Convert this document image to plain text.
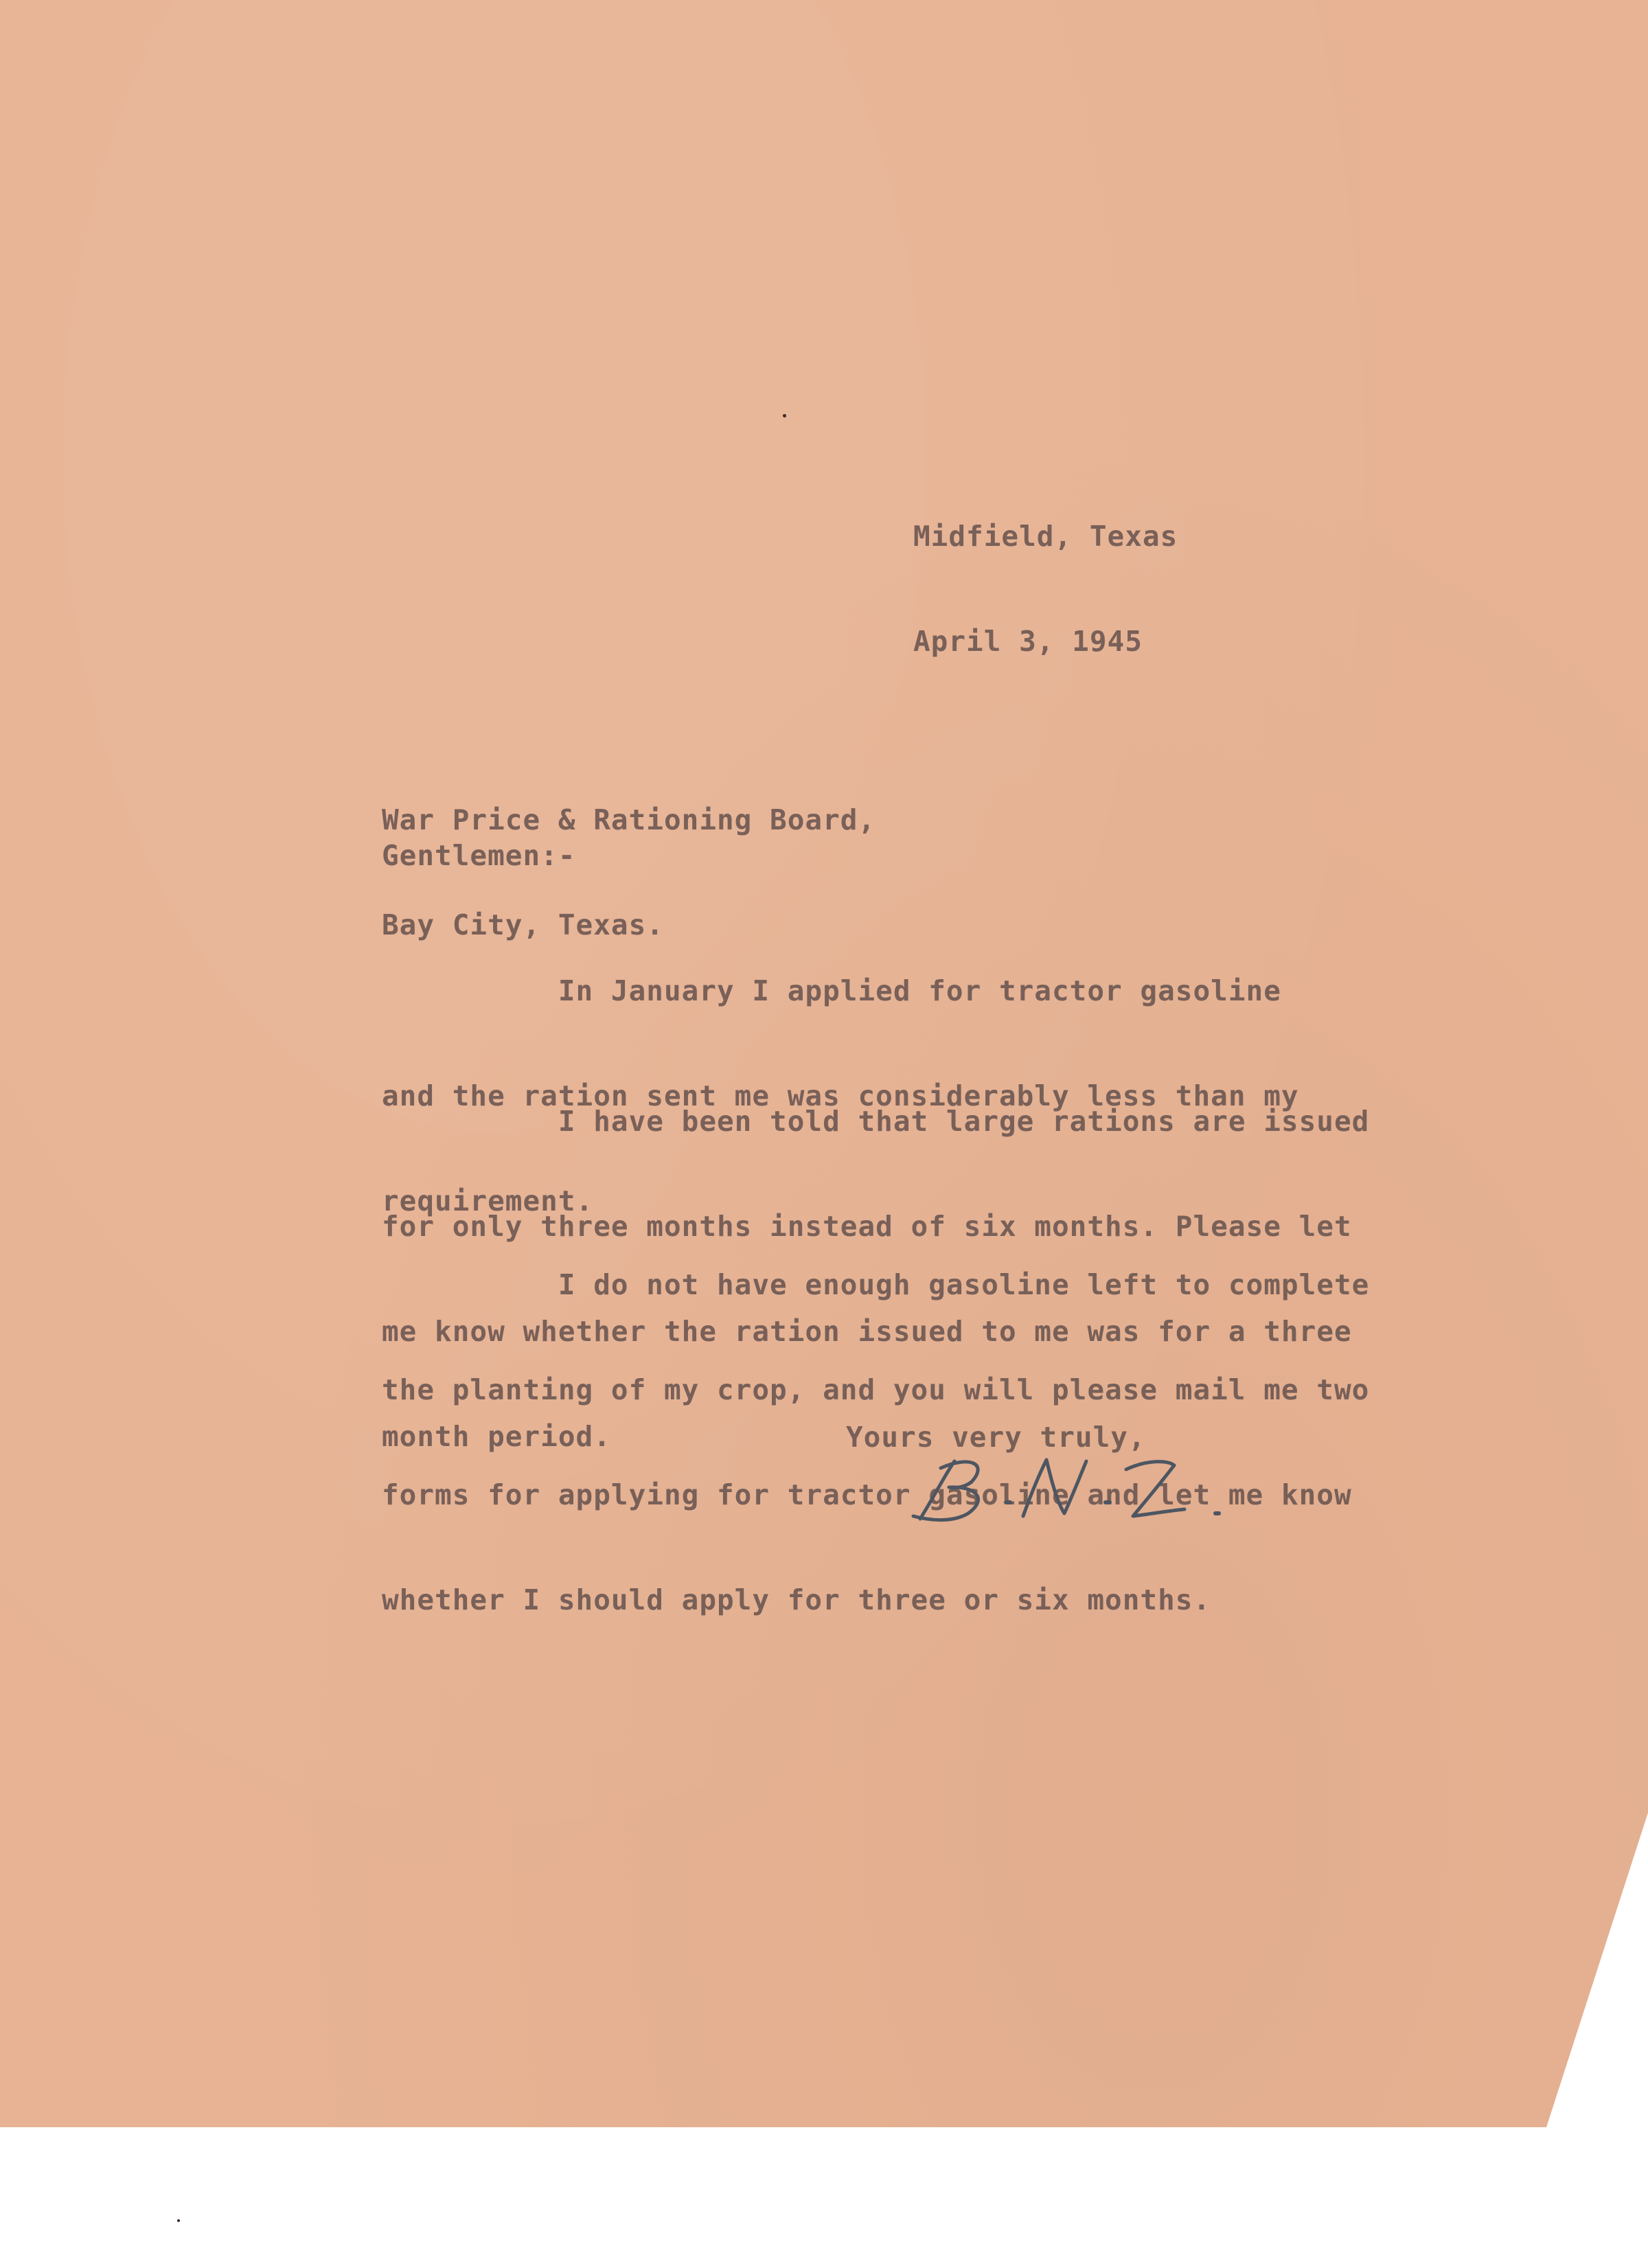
Midfield, Texas

April 3, 1945

War Price & Rationing Board,

Bay City, Texas.

Gentlemen:-

In January I applied for tractor gasoline

and the ration sent me was considerably less than my

requirement.

I have been told that large rations are issued

for only three months instead of six months. Please let

me know whether the ration issued to me was for a three

month period.

I do not have enough gasoline left to complete

the planting of my crop, and you will please mail me two

forms for applying for tractor gasoline and let me know

whether I should apply for three or six months.

Yours very truly,
